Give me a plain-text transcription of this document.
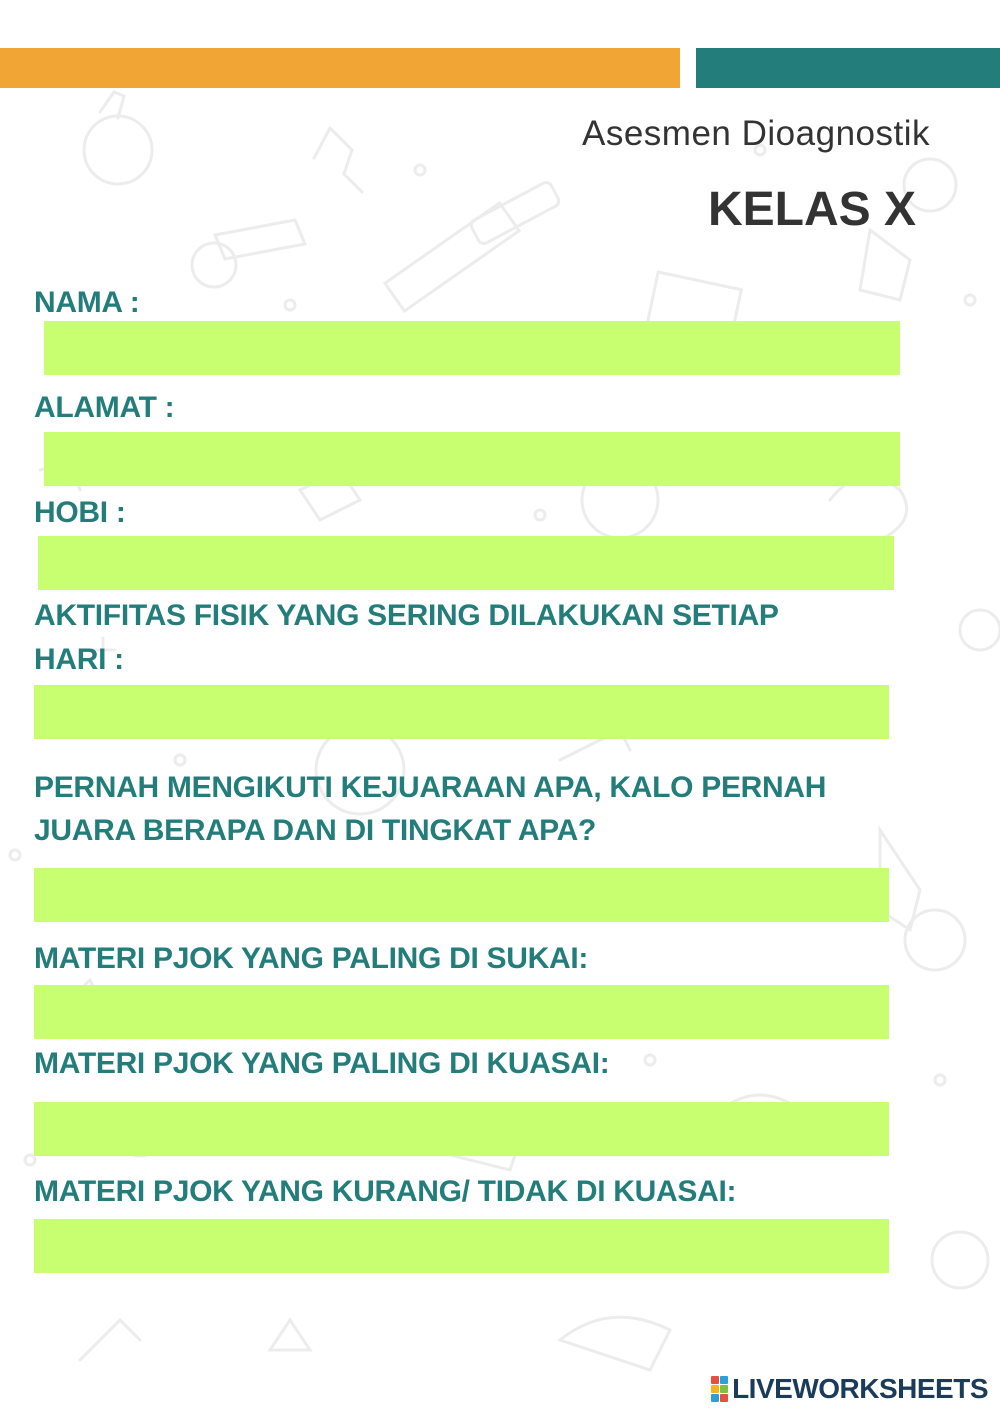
Asesmen Dioagnostik
KELAS X
NAMA :
ALAMAT :
HOBI :
AKTIFITAS FISIK YANG SERING DILAKUKAN SETIAP
HARI :
PERNAH MENGIKUTI KEJUARAAN APA, KALO PERNAH
JUARA BERAPA DAN DI TINGKAT APA?
MATERI PJOK YANG PALING DI SUKAI:
MATERI PJOK YANG PALING DI KUASAI:
MATERI PJOK YANG KURANG/ TIDAK DI KUASAI:
LIVEWORKSHEETS
